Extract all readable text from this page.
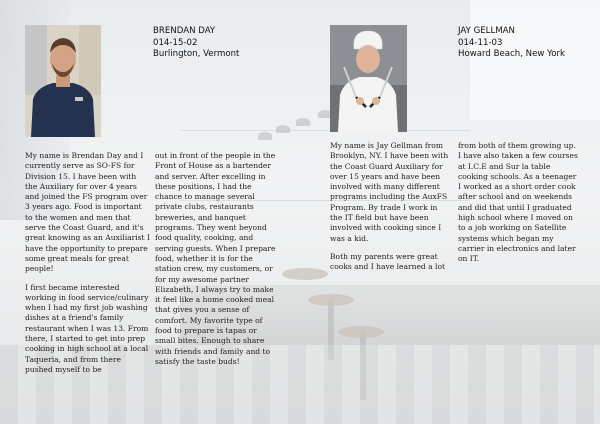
BRENDAN DAY
014-15-02
Burlington, Vermont
JAY GELLMAN
014-11-03
Howard Beach, New York

My name is Brendan Day and I currently serve as SO-FS for Division 15. I have been with the Auxiliary for over 4 years and joined the FS program over 3 years ago. Food is important to the women and men that serve the Coast Guard, and it's great knowing as an Auxiliarist I have the opportunity to prepare some great meals for great people!

I first became interested working in food service/culinary when I had my first job washing dishes at a friend's family restaurant when I was 13. From there, I started to get into prep cooking in high school at a local Taqueria, and from there pushed myself to be

out in front of the people in the Front of House as a bartender and server. After excelling in these positions, I had the chance to manage several private clubs, restaurants breweries, and banquet programs. They went beyond food quality, cooking, and serving guests. When I prepare food, whether it is for the station crew, my customers, or for my awesome partner Elizabeth, I always try to make it feel like a home cooked meal that gives you a sense of comfort. My favorite type of food to prepare is tapas or small bites. Enough to share with friends and family and to satisfy the taste buds!

My name is Jay Gellman from Brooklyn, NY. I have been with the Coast Guard Auxiliary for over 15 years and have been involved with many different programs including the AuxFS Program. By trade I work in the IT field but have been involved with cooking since I was a kid.

Both my parents were great cooks and I have learned a lot

from both of them growing up. I have also taken a few courses at I.C.E and Sur la table cooking schools. As a teenager I worked as a short order cook after school and on weekends and did that until I graduated high school where I moved on to a job working on Satellite systems which began my carrier in electronics and later on IT.
